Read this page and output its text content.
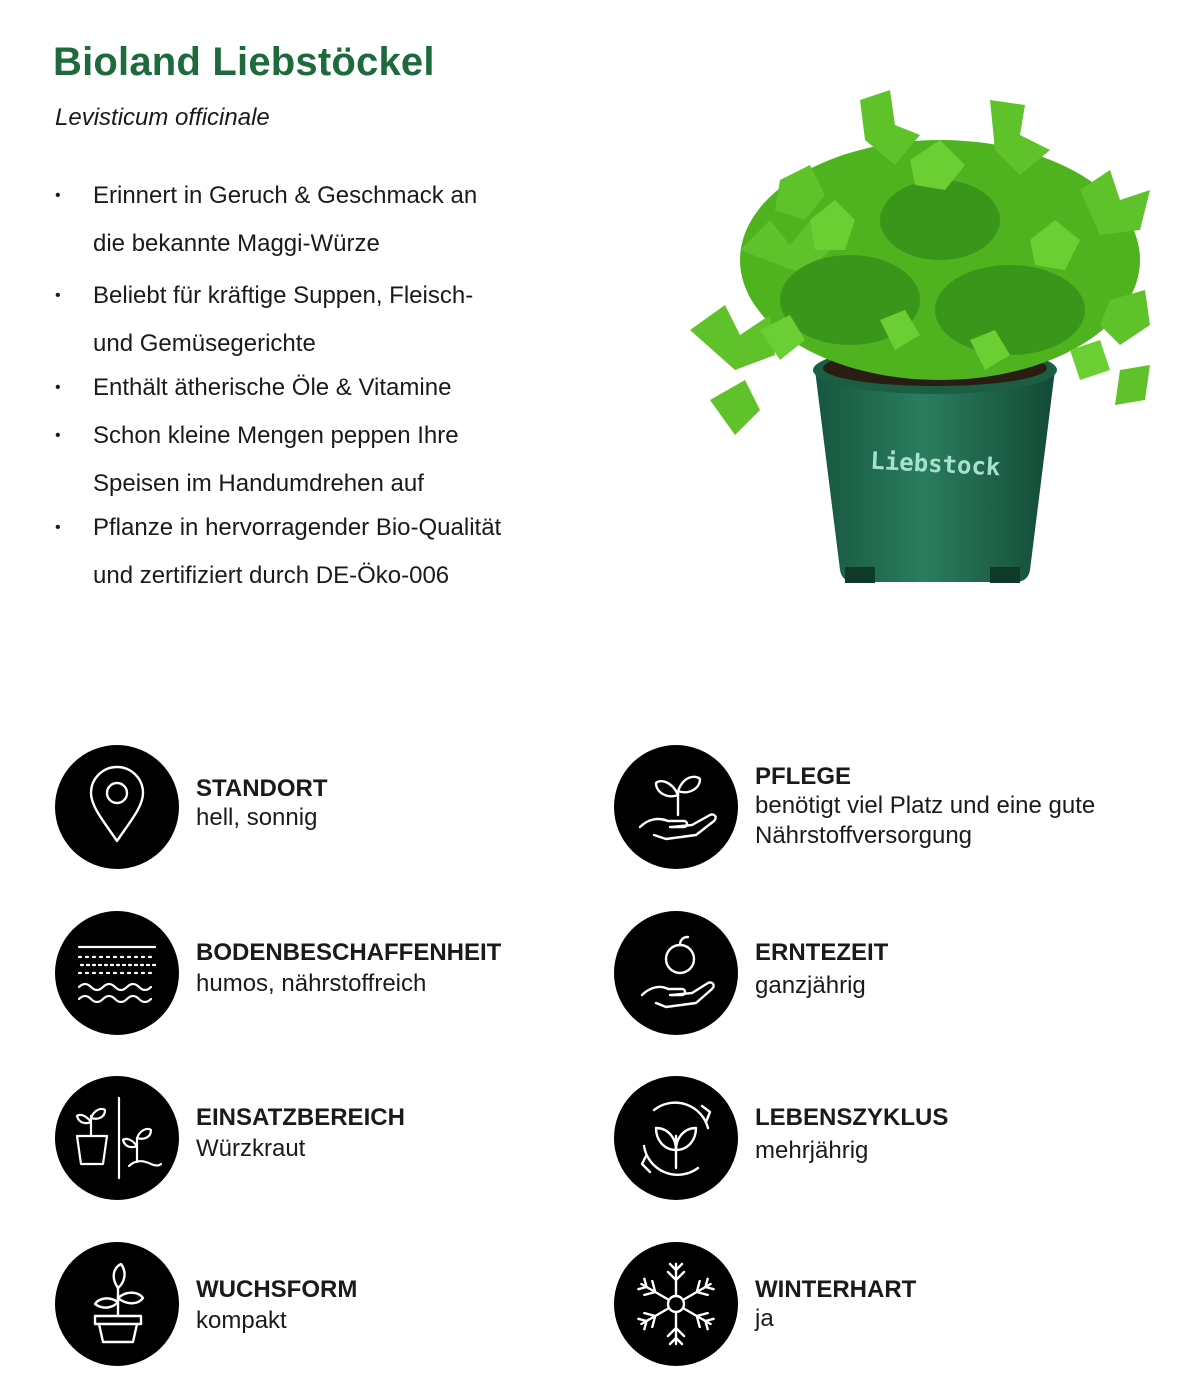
Bioland Liebstöckel

Levisticum officinale

• Erinnert in Geruch & Geschmack an
die bekannte Maggi-Würze
• Beliebt für kräftige Suppen, Fleisch-
und Gemüsegerichte
• Enthält ätherische Öle & Vitamine
• Schon kleine Mengen peppen Ihre
Speisen im Handumdrehen auf
• Pflanze in hervorragender Bio-Qualität
und zertifiziert durch DE-Öko-006
Liebstock
STANDORT
hell, sonnig
PFLEGE
benötigt viel Platz und eine gute Nährstoffversorgung
BODENBESCHAFFENHEIT
humos, nährstoffreich
ERNTEZEIT
ganzjährig
EINSATZBEREICH
Würzkraut
LEBENSZYKLUS
mehrjährig
WUCHSFORM
kompakt
WINTERHART
ja
